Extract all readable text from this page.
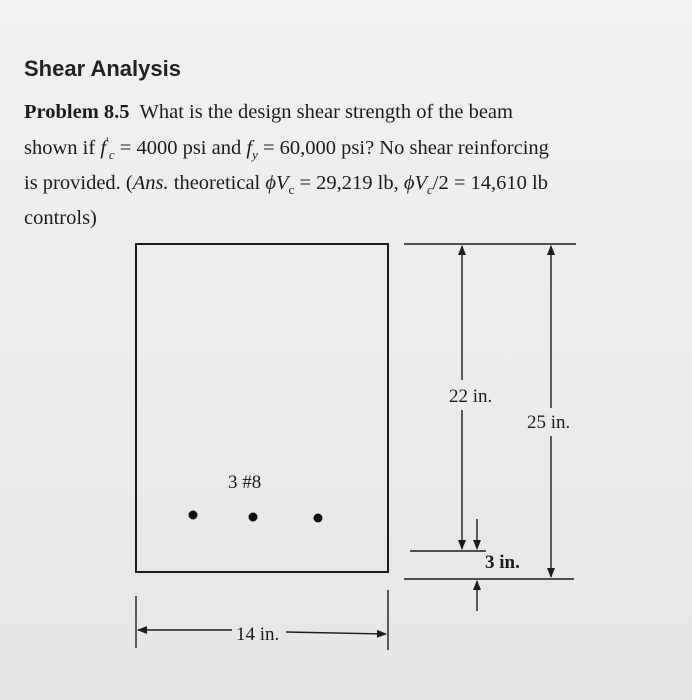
Shear Analysis
Problem 8.5 What is the design shear strength of the beam
shown if $f'_c = 4000$ psi and $f_y = 60,000$ psi? No shear reinforcing
is provided. (Ans. theoretical $\phi V_c = 29,219$ lb, $\phi V_c/2 = 14,610$ lb
controls)
3 #8
22 in.
25 in.
3 in.
14 in.
